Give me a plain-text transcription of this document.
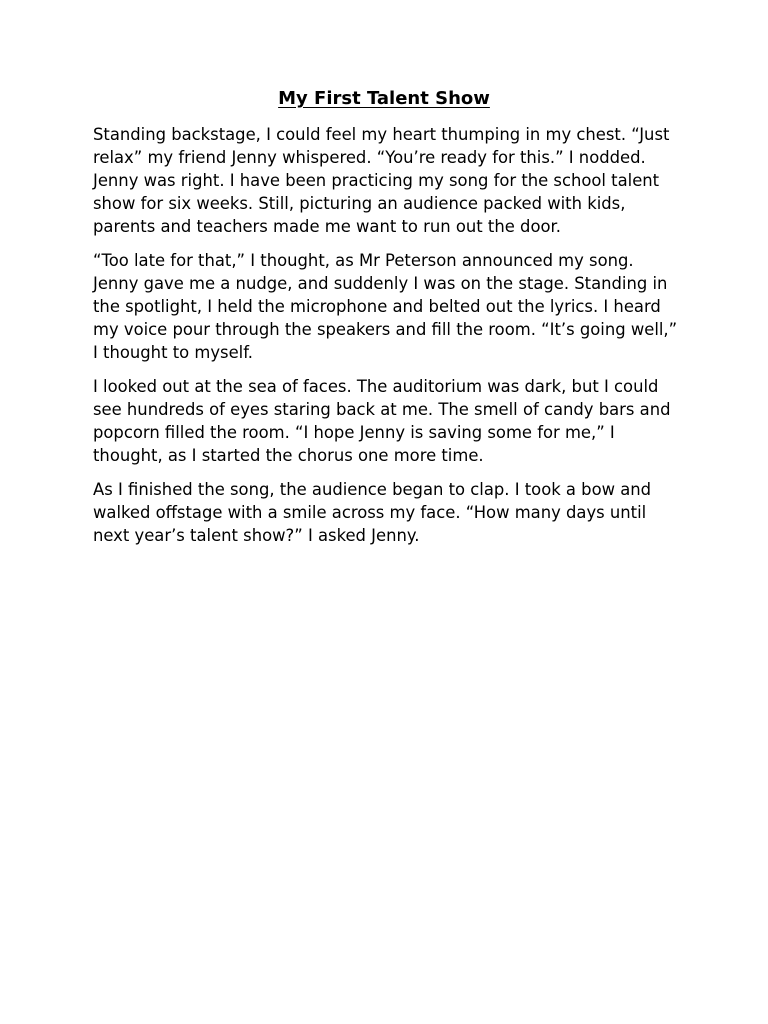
My First Talent Show

Standing backstage, I could feel my heart thumping in my chest. “Just relax” my friend Jenny whispered. “You’re ready for this.” I nodded. Jenny was right. I have been practicing my song for the school talent show for six weeks. Still, picturing an audience packed with kids, parents and teachers made me want to run out the door.

“Too late for that,” I thought, as Mr Peterson announced my song. Jenny gave me a nudge, and suddenly I was on the stage. Standing in the spotlight, I held the microphone and belted out the lyrics. I heard my voice pour through the speakers and fill the room. “It’s going well,” I thought to myself.

I looked out at the sea of faces. The auditorium was dark, but I could see hundreds of eyes staring back at me. The smell of candy bars and popcorn filled the room. “I hope Jenny is saving some for me,” I thought, as I started the chorus one more time.

As I finished the song, the audience began to clap. I took a bow and walked offstage with a smile across my face. “How many days until next year’s talent show?” I asked Jenny.
